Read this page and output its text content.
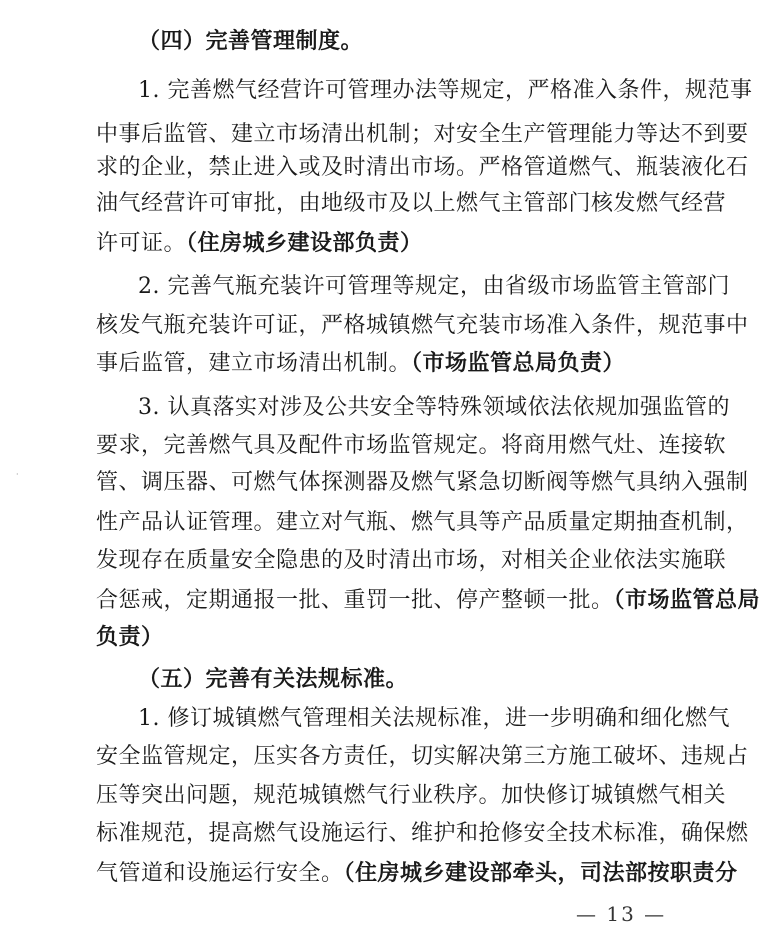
（四）完善管理制度。
1. 完善燃气经营许可管理办法等规定，严格准入条件，规范事
中事后监管、建立市场清出机制；对安全生产管理能力等达不到要
求的企业，禁止进入或及时清出市场。严格管道燃气、瓶装液化石
油气经营许可审批，由地级市及以上燃气主管部门核发燃气经营
许可证。（住房城乡建设部负责）
2. 完善气瓶充装许可管理等规定，由省级市场监管主管部门
核发气瓶充装许可证，严格城镇燃气充装市场准入条件，规范事中
事后监管，建立市场清出机制。（市场监管总局负责）
3. 认真落实对涉及公共安全等特殊领域依法依规加强监管的
要求，完善燃气具及配件市场监管规定。将商用燃气灶、连接软
管、调压器、可燃气体探测器及燃气紧急切断阀等燃气具纳入强制
性产品认证管理。建立对气瓶、燃气具等产品质量定期抽查机制，
发现存在质量安全隐患的及时清出市场，对相关企业依法实施联
合惩戒，定期通报一批、重罚一批、停产整顿一批。（市场监管总局
负责）
（五）完善有关法规标准。
1. 修订城镇燃气管理相关法规标准，进一步明确和细化燃气
安全监管规定，压实各方责任，切实解决第三方施工破坏、违规占
压等突出问题，规范城镇燃气行业秩序。加快修订城镇燃气相关
标准规范，提高燃气设施运行、维护和抢修安全技术标准，确保燃
气管道和设施运行安全。（住房城乡建设部牵头，司法部按职责分
·
— 13 —
